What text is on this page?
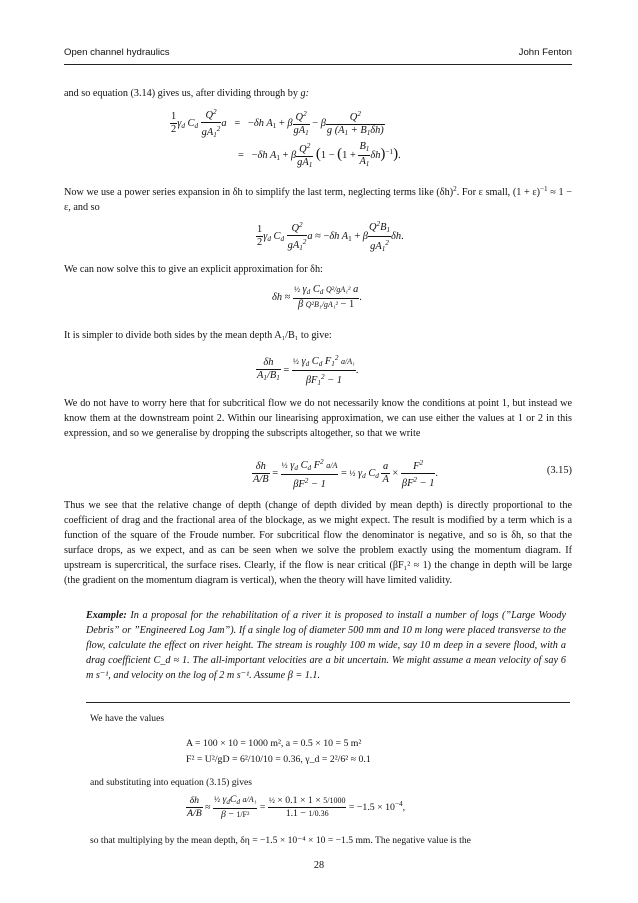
Open channel hydraulics	John Fenton

and so equation (3.14) gives us, after dividing through by g:

$\frac{1}{2} \gamma_d$ $C_d \frac{Q^2}{gA_1^2}$ a   =   −δh $A_1 + \beta \frac{Q^2}{gA_1} - \beta \frac{Q^2}{g (A_1 + B_1\delta h)}$
=   −δh $A_1 + \beta \frac{Q^2}{gA_1} (1 - (1 + \frac{B_1}{A_1} \delta h)^{-1})$.

Now we use a power series expansion in δh to simplify the last term, neglecting terms like $(\delta h)^2$. For ε small, $(1 + \varepsilon)^{-1} \approx 1 - \varepsilon$, and so

$\frac{1}{2} \gamma_d$ $C_d \frac{Q^2}{gA_1^2}$ a ≈ −δh $A_1 + \beta \frac{Q^2B_1}{gA_1^2} \delta h$.

We can now solve this to give an explicit approximation for δh:

$\delta h \approx \frac{\frac{1}{2} \gamma_d C_d Q^2/gA_1^2 a}{\text{β Q²B₁/gA₁² − 1}}$ .

It is simpler to divide both sides by the mean depth A₁/B₁ to give:

$\frac{\delta h}{A_1/B_1} = \frac{\frac{1}{2} \gamma_d C_d F_1^2 a/A_1}{\beta F_1^2 - 1}$ .

We do not have to worry here that for subcritical flow we do not necessarily know the conditions at point 1, but instead we know them at the downstream point 2. Within our linearising approximation, we can use either the values at 1 or 2 in this expression, and so we generalise by dropping the subscripts altogether, so that we write

$\frac{\delta h}{A/B} = \frac{\frac{1}{2} \gamma_d C_d F^2 a/A}{\beta F^2 - 1}$ = ½ $\gamma_d$ $C_d \frac{a}{A} \times \frac{F^2}{\beta F^2 - 1}$ .	(3.15)

Thus we see that the relative change of depth (change of depth divided by mean depth) is directly proportional to the coefficient of drag and the fractional area of the blockage, as we might expect. The result is modified by a term which is a function of the square of the Froude number. For subcritical flow the denominator is negative, and so is δh, so that the surface drops, as we expect, and as can be seen when we solve the problem exactly using the momentum diagram. If upstream is supercritical, the surface rises. Clearly, if the flow is near critical (βF₁² ≈ 1) the change in depth will be large (the gradient on the momentum diagram is vertical), when the theory will have limited validity.

Example: In a proposal for the rehabilitation of a river it is proposed to install a number of logs (”Large Woody Debris” or ”Engineered Log Jam”). If a single log of diameter 500 mm and 10 m long were placed transverse to the flow, calculate the effect on river height. The stream is roughly 100 m wide, say 10 m deep in a severe flood, with a drag coefficient C_d ≈ 1. The all-important velocities are a bit uncertain. We might assume a mean velocity of say 6 m s⁻¹, and velocity on the log of 2 m s⁻¹. Assume β = 1.1.

We have the values

A = 100 × 10 = 1000 m², a = 0.5 × 10 = 5 m²
F² = U²/gD = 6²/10/10 = 0.36, γ_d = 2²/6² ≈ 0.1

and substituting into equation (3.15) gives

$\frac{\delta h}{A/B} \approx \frac{\frac{1}{2} \gamma_dC_d a/A_1}{\text{β − 1/F²}} = \frac{\text{½ × 0.1 × 1 × 5/1000}}{1.1 - 1/0.36} = -1.5 \times 10^{-4}$,

so that multiplying by the mean depth, δη = −1.5 × 10⁻⁴ × 10 = −1.5 mm. The negative value is the

28
